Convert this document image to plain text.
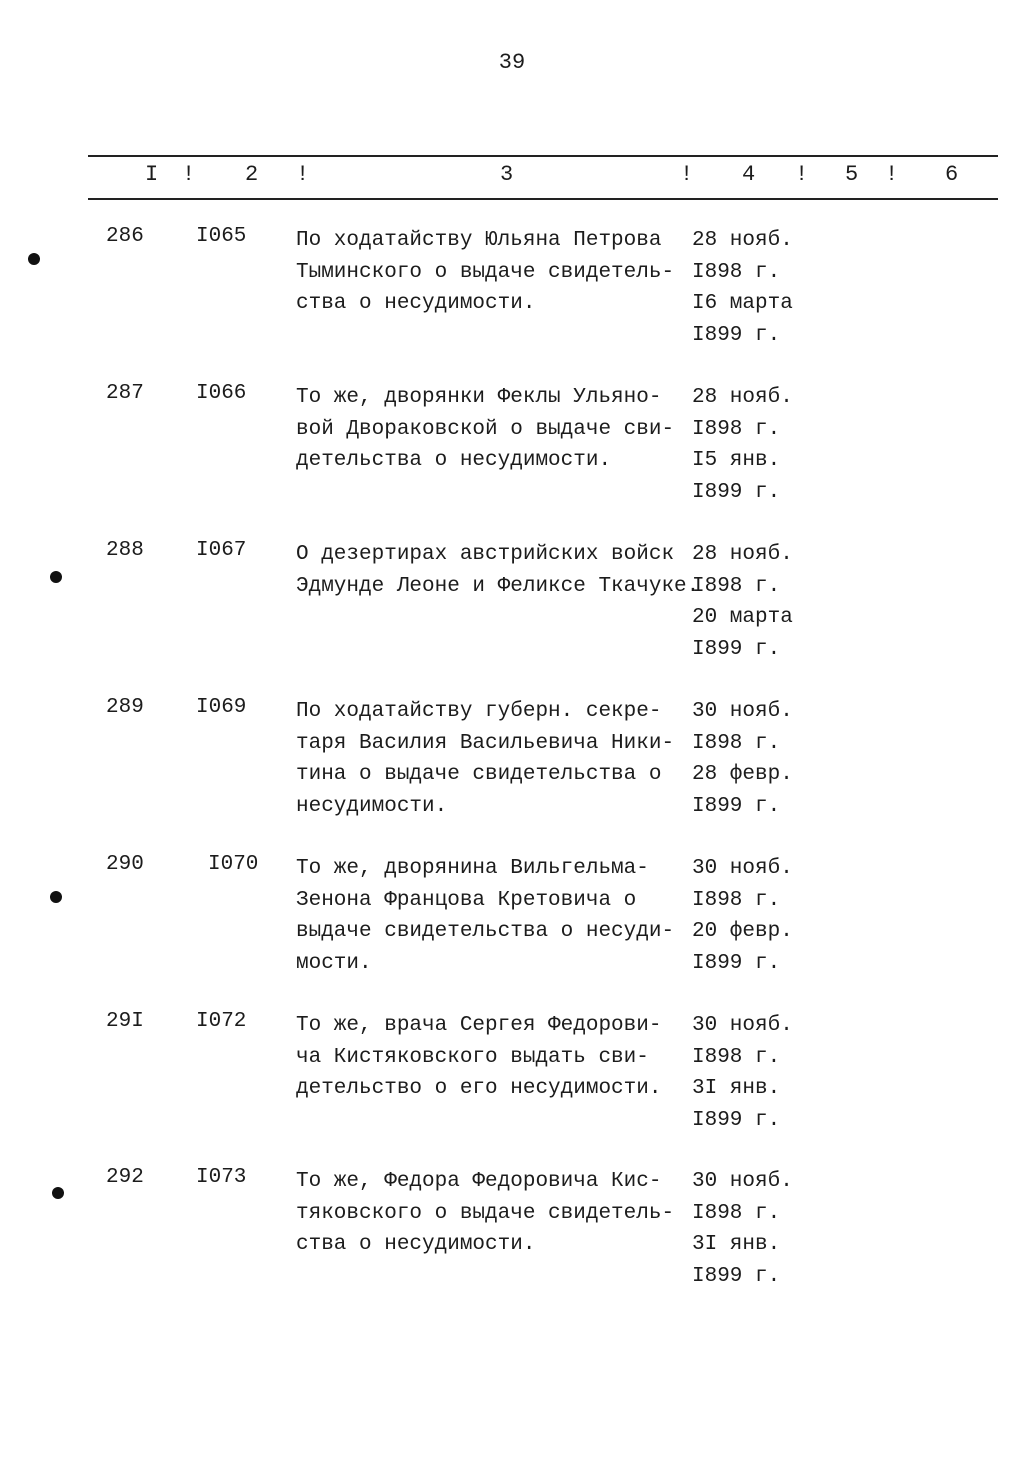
39
I ! 2 !	3	! 4 ! 5 ! 6
286 I065 По ходатайству Юльяна Петрова
Тыминского о выдаче свидетель-
ства о несудимости.
28 нояб.
I898 г.
I6 марта
I899 г.
287 I066 То же, дворянки Феклы Ульяно-
вой Двораковской о выдаче сви-
детельства о несудимости.
28 нояб.
I898 г.
I5 янв.
I899 г.
288 I067 О дезертирах австрийских войск
Эдмунде Леоне и Феликсе Ткачуке.
28 нояб.
I898 г.
20 марта
I899 г.
289 I069 По ходатайству губерн. секре-
таря Василия Васильевича Ники-
тина о выдаче свидетельства о
несудимости.
30 нояб.
I898 г.
28 февр.
I899 г.
290	I070 То же, дворянина Вильгельма-
Зенона Францова Кретовича о
выдаче свидетельства о несуди-
мости.
30 нояб.
I898 г.
20 февр.
I899 г.
29I I072 То же, врача Сергея Федорови-
ча Кистяковского выдать сви-
детельство о его несудимости.
30 нояб.
I898 г.
3I янв.
I899 г.
292 I073 То же, Федора Федоровича Кис-
тяковского о выдаче свидетель-
ства о несудимости.
30 нояб.
I898 г.
3I янв.
I899 г.
